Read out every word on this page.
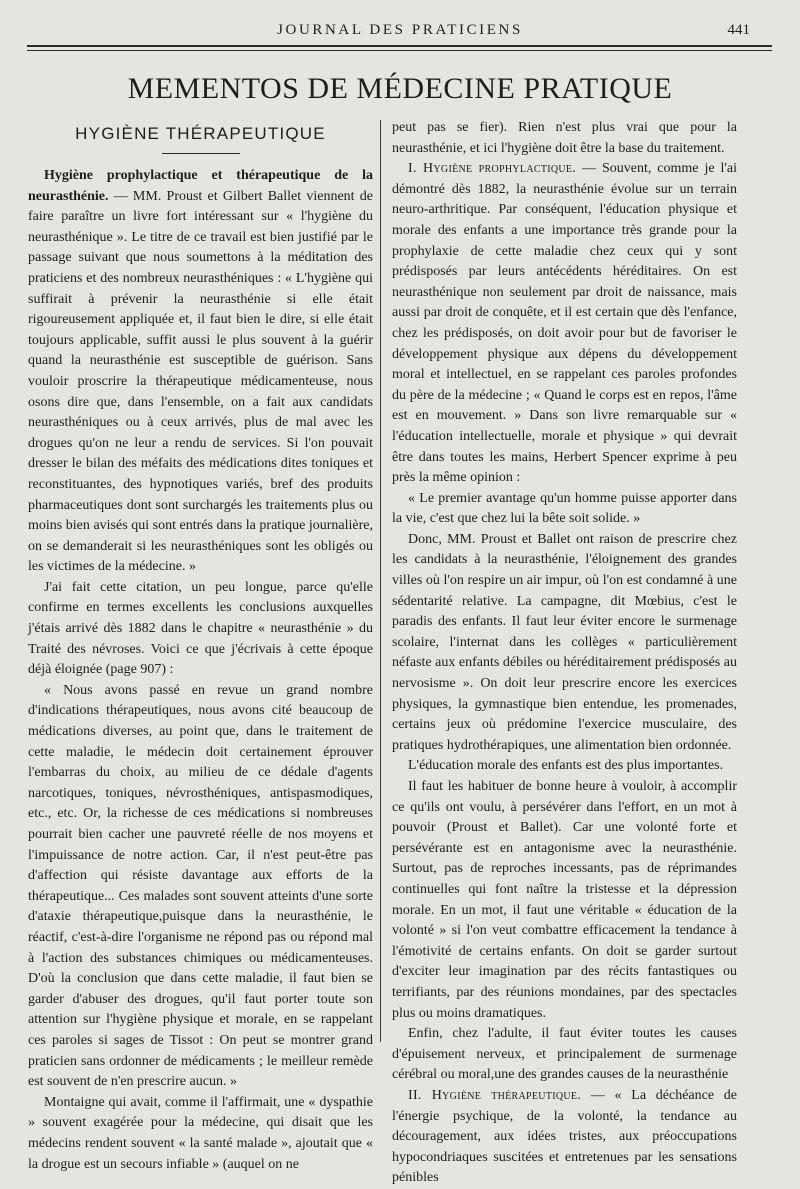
JOURNAL DES PRATICIENS	441
MEMENTOS DE MÉDECINE PRATIQUE
HYGIÈNE THÉRAPEUTIQUE

Hygiène prophylactique et thérapeutique de la neurasthénie. — MM. Proust et Gilbert Ballet viennent de faire paraître un livre fort intéressant sur « l'hygiène du neurasthénique ». Le titre de ce travail est bien justifié par le passage suivant que nous soumettons à la méditation des praticiens et des nombreux neurasthéniques : « L'hygiène qui suffirait à prévenir la neurasthénie si elle était rigoureusement appliquée et, il faut bien le dire, si elle était toujours applicable, suffit aussi le plus souvent à la guérir quand la neurasthénie est susceptible de guérison. Sans vouloir proscrire la thérapeutique médicamenteuse, nous osons dire que, dans l'ensemble, on a fait aux candidats neurasthéniques ou à ceux arrivés, plus de mal avec les drogues qu'on ne leur a rendu de services. Si l'on pouvait dresser le bilan des méfaits des médications dites toniques et reconstituantes, des hypnotiques variés, bref des produits pharmaceutiques dont sont surchargés les traitements plus ou moins bien avisés qui sont entrés dans la pratique journalière, on se demanderait si les neurasthéniques sont les obligés ou les victimes de la médecine. »

J'ai fait cette citation, un peu longue, parce qu'elle confirme en termes excellents les conclusions auxquelles j'étais arrivé dès 1882 dans le chapitre « neurasthénie » du Traité des névroses. Voici ce que j'écrivais à cette époque déjà éloignée (page 907) :

« Nous avons passé en revue un grand nombre d'indications thérapeutiques, nous avons cité beaucoup de médications diverses, au point que, dans le traitement de cette maladie, le médecin doit certainement éprouver l'embarras du choix, au milieu de ce dédale d'agents narcotiques, toniques, névrosthéniques, antispasmodiques, etc., etc. Or, la richesse de ces médications si nombreuses pourrait bien cacher une pauvreté réelle de nos moyens et l'impuissance de notre action. Car, il n'est peut-être pas d'affection qui résiste davantage aux efforts de la thérapeutique... Ces malades sont souvent atteints d'une sorte d'ataxie thérapeutique,puisque dans la neurasthénie, le réactif, c'est-à-dire l'organisme ne répond pas ou répond mal à l'action des substances chimiques ou médicamenteuses. D'où la conclusion que dans cette maladie, il faut bien se garder d'abuser des drogues, qu'il faut porter toute son attention sur l'hygiène physique et morale, en se rappelant ces paroles si sages de Tissot : On peut se montrer grand praticien sans ordonner de médicaments ; le meilleur remède est souvent de n'en prescrire aucun. »

Montaigne qui avait, comme il l'affirmait, une « dyspathie » souvent exagérée pour la médecine, qui disait que les médecins rendent souvent « la santé malade », ajoutait que « la drogue est un secours infiable » (auquel on ne

peut pas se fier). Rien n'est plus vrai que pour la neurasthénie, et ici l'hygiène doit être la base du traitement.

I. Hygiène prophylactique. — Souvent, comme je l'ai démontré dès 1882, la neurasthénie évolue sur un terrain neuro-arthritique. Par conséquent, l'éducation physique et morale des enfants a une importance très grande pour la prophylaxie de cette maladie chez ceux qui y sont prédisposés par leurs antécédents héréditaires. On est neurasthénique non seulement par droit de naissance, mais aussi par droit de conquête, et il est certain que dès l'enfance, chez les prédisposés, on doit avoir pour but de favoriser le développement physique aux dépens du développement moral et intellectuel, en se rappelant ces paroles profondes du père de la médecine ; « Quand le corps est en repos, l'âme est en mouvement. » Dans son livre remarquable sur « l'éducation intellectuelle, morale et physique » qui devrait être dans toutes les mains, Herbert Spencer exprime à peu près la même opinion :

« Le premier avantage qu'un homme puisse apporter dans la vie, c'est que chez lui la bête soit solide. »

Donc, MM. Proust et Ballet ont raison de prescrire chez les candidats à la neurasthénie, l'éloignement des grandes villes où l'on respire un air impur, où l'on est condamné à une sédentarité relative. La campagne, dit Mœbius, c'est le paradis des enfants. Il faut leur éviter encore le surmenage scolaire, l'internat dans les collèges « particulièrement néfaste aux enfants débiles ou héréditairement prédisposés au nervosisme ». On doit leur prescrire encore les exercices physiques, la gymnastique bien entendue, les promenades, certains jeux où prédomine l'exercice musculaire, des pratiques hydrothérapiques, une alimentation bien ordonnée.

L'éducation morale des enfants est des plus importantes.

Il faut les habituer de bonne heure à vouloir, à accomplir ce qu'ils ont voulu, à persévérer dans l'effort, en un mot à pouvoir (Proust et Ballet). Car une volonté forte et persévérante est en antagonisme avec la neurasthénie. Surtout, pas de reproches incessants, pas de réprimandes continuelles qui font naître la tristesse et la dépression morale. En un mot, il faut une véritable « éducation de la volonté » si l'on veut combattre efficacement la tendance à l'émotivité de certains enfants. On doit se garder surtout d'exciter leur imagination par des récits fantastiques ou terrifiants, par des réunions mondaines, par des spectacles plus ou moins dramatiques.

Enfin, chez l'adulte, il faut éviter toutes les causes d'épuisement nerveux, et principalement de surmenage cérébral ou moral,une des grandes causes de la neurasthénie

II. Hygiène thérapeutique. — « La déchéance de l'énergie psychique, de la volonté, la tendance au découragement, aux idées tristes, aux préoccupations hypocondriaques suscitées et entretenues par les sensations pénibles
